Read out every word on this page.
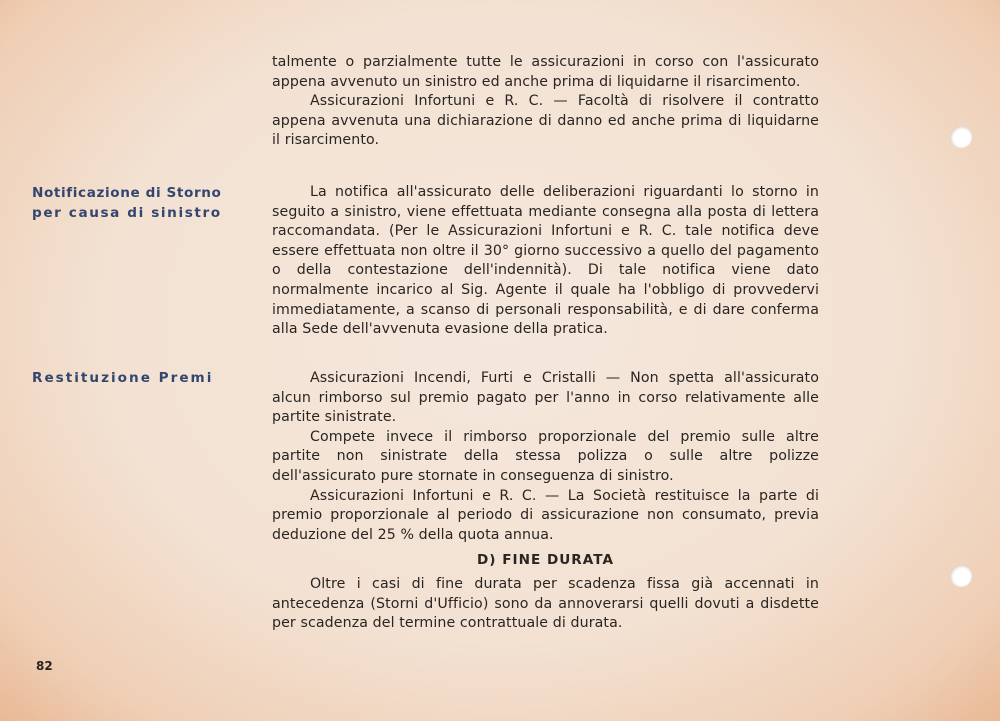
talmente o parzialmente tutte le assicurazioni in corso con l'assicurato appena avvenuto un sinistro ed anche prima di liquidarne il risarcimento.

Assicurazioni Infortuni e R. C. — Facoltà di risolvere il contratto appena avvenuta una dichiarazione di danno ed anche prima di liquidarne il risarcimento.

Notificazione di Storno
per causa di sinistro

La notifica all'assicurato delle deliberazioni riguardanti lo storno in seguito a sinistro, viene effettuata mediante consegna alla posta di lettera raccomandata. (Per le Assicurazioni Infortuni e R. C. tale notifica deve essere effettuata non oltre il 30° giorno successivo a quello del pagamento o della contestazione dell'indennità). Di tale notifica viene dato normalmente incarico al Sig. Agente il quale ha l'obbligo di provvedervi immediatamente, a scanso di personali responsabilità, e di dare conferma alla Sede dell'avvenuta evasione della pratica.

Restituzione Premi	Assicurazioni Incendi, Furti e Cristalli — Non spetta all'assicurato alcun rimborso sul premio pagato per l'anno in corso relativamente alle partite sinistrate.

Compete invece il rimborso proporzionale del premio sulle altre partite non sinistrate della stessa polizza o sulle altre polizze dell'assicurato pure stornate in conseguenza di sinistro.

Assicurazioni Infortuni e R. C. — La Società restituisce la parte di premio proporzionale al periodo di assicurazione non consumato, previa deduzione del 25 % della quota annua.

D) FINE DURATA

Oltre i casi di fine durata per scadenza fissa già accennati in antecedenza (Storni d'Ufficio) sono da annoverarsi quelli dovuti a disdette per scadenza del termine contrattuale di durata.

82
